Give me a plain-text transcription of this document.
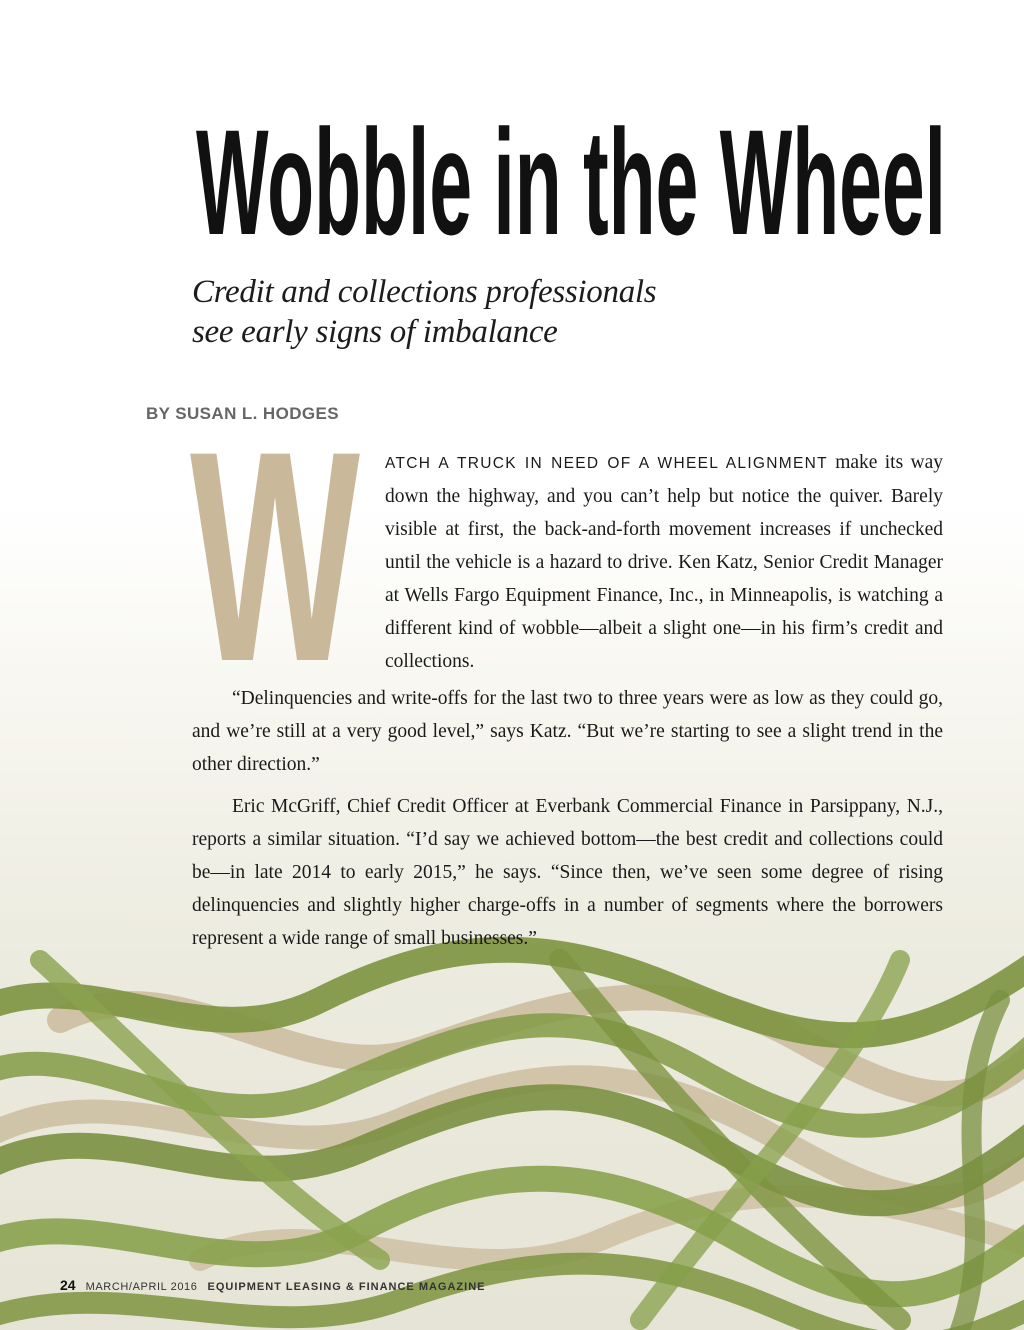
Wobble in the Wheel

Credit and collections professionals
see early signs of imbalance

BY SUSAN L. HODGES

W ATCH A TRUCK IN NEED OF A WHEEL ALIGNMENT make its way down the highway, and you can’t help but notice the quiver. Barely visible at first, the back-and-forth movement increases if unchecked until the vehicle is a hazard to drive. Ken Katz, Senior Credit Manager at Wells Fargo Equipment Finance, Inc., in Minneapolis, is watching a different kind of wobble—albeit a slight one—in his firm’s credit and collections.

“Delinquencies and write-offs for the last two to three years were as low as they could go, and we’re still at a very good level,” says Katz. “But we’re starting to see a slight trend in the other direction.”

Eric McGriff, Chief Credit Officer at Everbank Commercial Finance in Parsippany, N.J., reports a similar situation. “I’d say we achieved bottom—the best credit and collections could be—in late 2014 to early 2015,” he says. “Since then, we’ve seen some degree of rising delinquencies and slightly higher charge-offs in a number of segments where the borrowers represent a wide range of small businesses.”

24 MARCH/APRIL 2016 EQUIPMENT LEASING & FINANCE MAGAZINE
